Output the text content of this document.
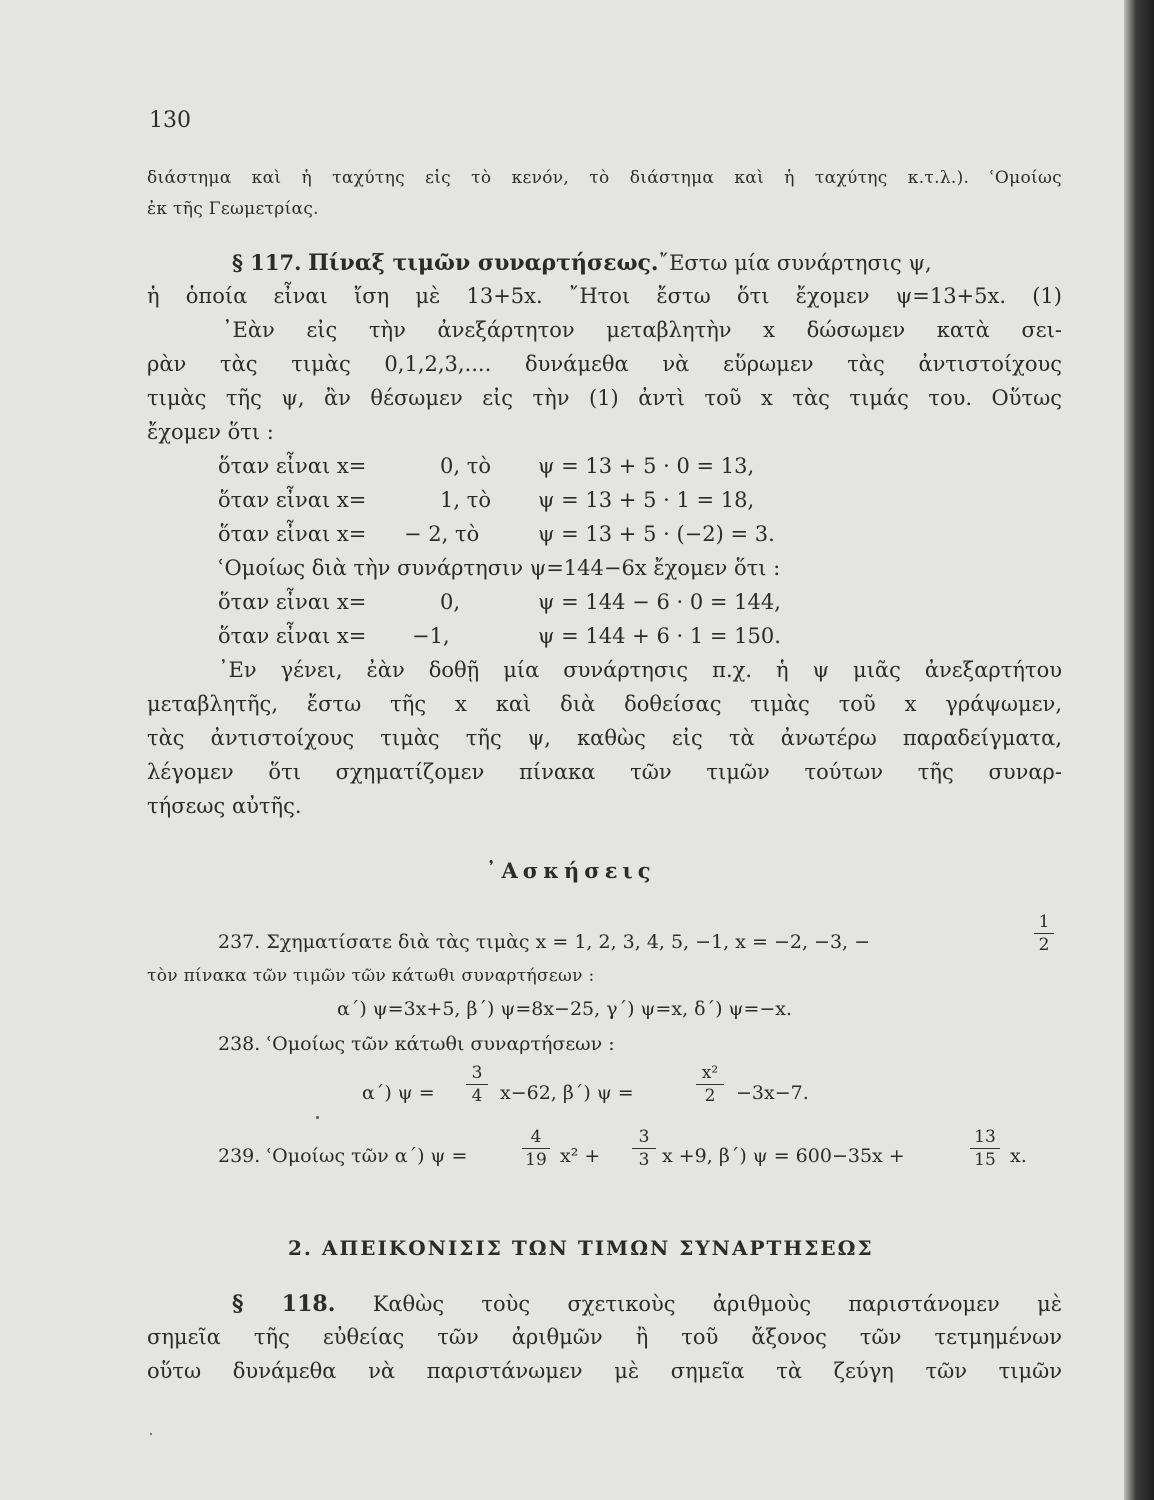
130
διάστημα καὶ ἡ ταχύτης εἰς τὸ κενόν, τὸ διάστημα καὶ ἡ ταχύτης κ.τ.λ.). ʿΟμοίως
ἐκ τῆς Γεωμετρίας.
§ 117. Πίναξ τιμῶν συναρτήσεως.῎Εστω μία συνάρτησις ψ,
ἡ ὁποία εἶναι ἴση μὲ 13+5x. ῎Ητοι ἔστω ὅτι ἔχομεν ψ=13+5x. (1)
᾿Εὰν εἰς τὴν ἀνεξάρτητον μεταβλητὴν x δώσωμεν κατὰ σει-
ρὰν τὰς τιμὰς 0,1,2,3,.... δυνάμεθα νὰ εὕρωμεν τὰς ἀντιστοίχους
τιμὰς τῆς ψ, ἂν θέσωμεν εἰς τὴν (1) ἀντὶ τοῦ x τὰς τιμάς του. Οὕτως
ἔχομεν ὅτι :
ὅταν εἶναι x=	0, τὸ ψ = 13 + 5 · 0 = 13,
ὅταν εἶναι x=	1, τὸ ψ = 13 + 5 · 1 = 18,
ὅταν εἶναι x= − 2, τὸ	ψ = 13 + 5 · (−2) = 3.
ʿΟμοίως διὰ τὴν συνάρτησιν ψ=144−6x ἔχομεν ὅτι :
ὅταν εἶναι x=	0,	ψ = 144 − 6 · 0 = 144,
ὅταν εἶναι x= −1,	ψ = 144 + 6 · 1 = 150.
᾿Εν γένει, ἐὰν δοθῇ μία συνάρτησις π.χ. ἡ ψ μιᾶς ἀνεξαρτήτου
μεταβλητῆς, ἔστω τῆς x καὶ διὰ δοθείσας τιμὰς τοῦ x γράψωμεν,
τὰς ἀντιστοίχους τιμὰς τῆς ψ, καθὼς εἰς τὰ ἀνωτέρω παραδείγματα,
λέγομεν ὅτι σχηματίζομεν πίνακα τῶν τιμῶν τούτων τῆς συναρ-
τήσεως αὐτῆς.
᾿Ασκήσεις
237. Σχηματίσατε διὰ τὰς τιμὰς x = 1, 2, 3, 4, 5, −1, x = −2, −3, −
1
2
τὸν πίνακα τῶν τιμῶν τῶν κάτωθι συναρτήσεων :
α΄) ψ=3x+5, β΄) ψ=8x−25, γ΄) ψ=x, δ΄) ψ=−x.
238. ʿΟμοίως τῶν κάτωθι συναρτήσεων :
α΄) ψ =
3
4 x−62, β΄) ψ =
x²
2	−3x−7.
239. ʿΟμοίως τῶν α΄) ψ =
4
19 x² +
3
3 x +9, β΄) ψ = 600−35x +
13
15 x.
2. ΑΠΕΙΚΟΝΙΣΙΣ ΤΩΝ ΤΙΜΩΝ ΣΥΝΑΡΤΗΣΕΩΣ
§ 118. Καθὼς τοὺς σχετικοὺς ἀριθμοὺς παριστάνομεν μὲ
σημεῖα τῆς εὐθείας τῶν ἀριθμῶν ἢ τοῦ ἄξονος τῶν τετμημένων
οὕτω δυνάμεθα νὰ παριστάνωμεν μὲ σημεῖα τὰ ζεύγη τῶν τιμῶν
